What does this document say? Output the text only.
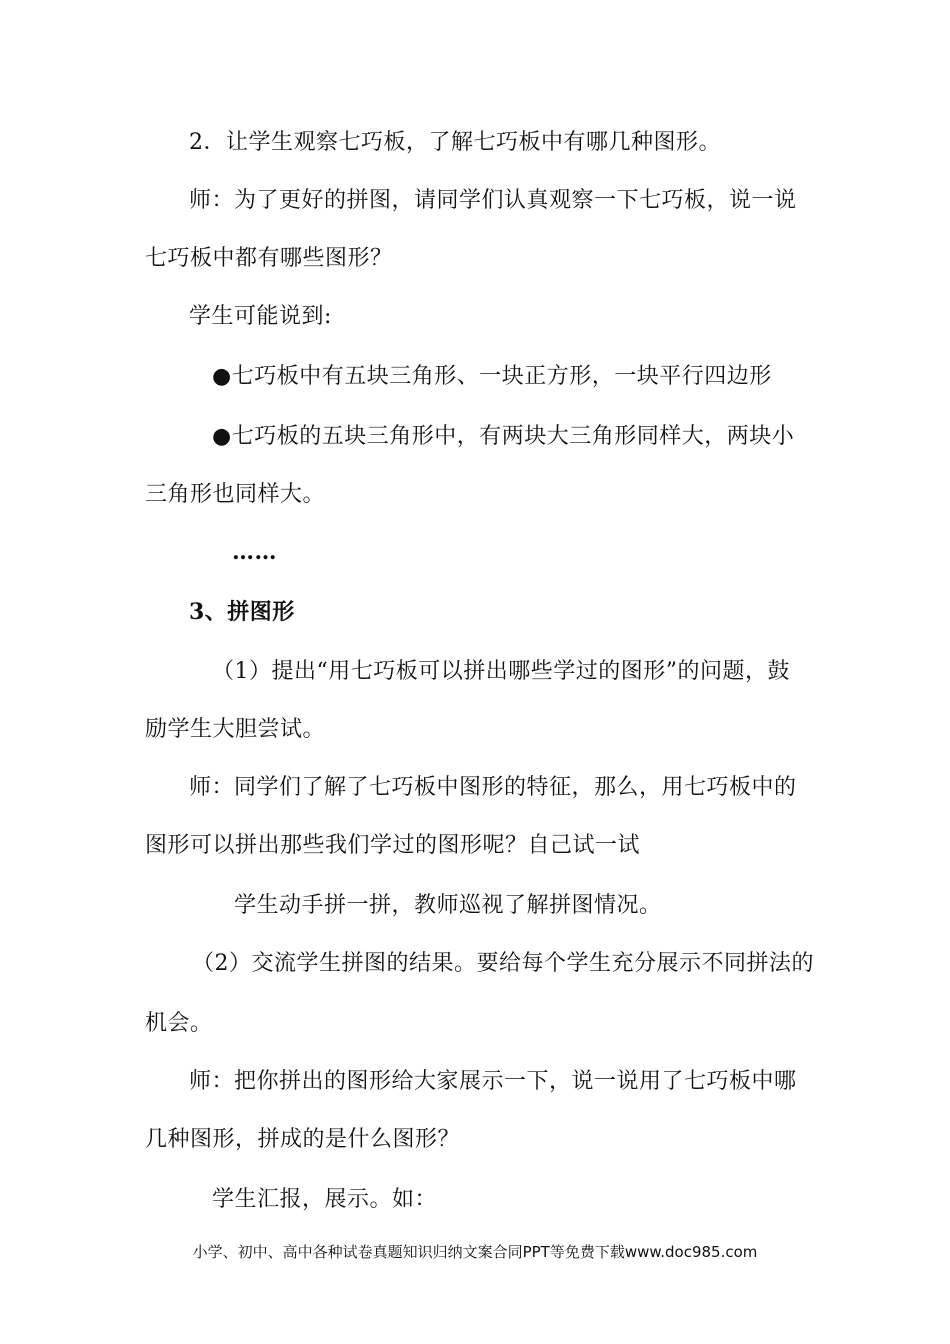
2．让学生观察七巧板，了解七巧板中有哪几种图形。
师：为了更好的拼图，请同学们认真观察一下七巧板，说一说
七巧板中都有哪些图形？
学生可能说到:
●七巧板中有五块三角形、一块正方形，一块平行四边形
●七巧板的五块三角形中，有两块大三角形同样大，两块小
三角形也同样大。
……
3、拼图形
（1）提出“用七巧板可以拼出哪些学过的图形”的问题，鼓
励学生大胆尝试。
师：同学们了解了七巧板中图形的特征，那么，用七巧板中的
图形可以拼出那些我们学过的图形呢？自己试一试
学生动手拼一拼，教师巡视了解拼图情况。
（2）交流学生拼图的结果。要给每个学生充分展示不同拼法的
机会。
师：把你拼出的图形给大家展示一下，说一说用了七巧板中哪
几种图形，拼成的是什么图形？
学生汇报，展示。如：
小学、初中、高中各种试卷真题知识归纳文案合同PPT等免费下载www.doc985.com
